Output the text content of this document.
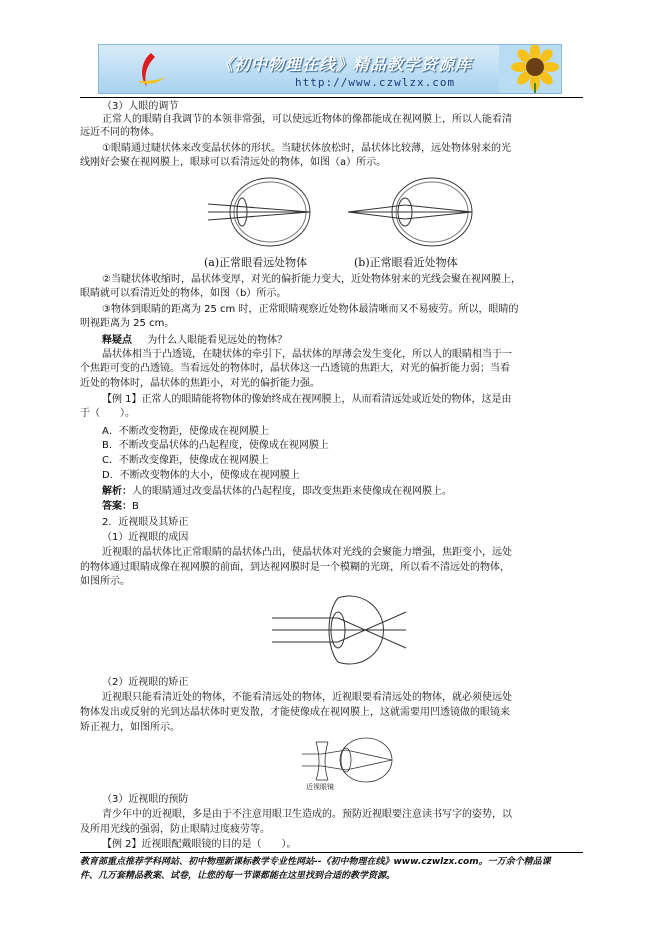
《初中物理在线》精品教学资源库
http://www.czwlzx.com
（3）人眼的调节
正常人的眼睛自我调节的本领非常强，可以使远近物体的像都能成在视网膜上，所以人能看清
远近不同的物体。
①眼睛通过睫状体来改变晶状体的形状。当睫状体放松时，晶状体比较薄，远处物体射来的光
线刚好会聚在视网膜上，眼球可以看清远处的物体，如图（a）所示。
(a)正常眼看远处物体	(b)正常眼看近处物体
②当睫状体收缩时，晶状体变厚，对光的偏折能力变大，近处物体射来的光线会聚在视网膜上，
眼睛就可以看清近处的物体，如图（b）所示。
③物体到眼睛的距离为 25 cm 时，正常眼睛观察近处物体最清晰而又不易疲劳。所以，眼睛的
明视距离为 25 cm。
释疑点 为什么人眼能看见远处的物体？
晶状体相当于凸透镜，在睫状体的牵引下，晶状体的厚薄会发生变化，所以人的眼睛相当于一
个焦距可变的凸透镜。当看远处的物体时，晶状体这一凸透镜的焦距大，对光的偏折能力弱；当看
近处的物体时，晶状体的焦距小，对光的偏折能力强。
【例 1】正常人的眼睛能将物体的像始终成在视网膜上，从而看清远处或近处的物体，这是由
于（　　）。
A．不断改变物距，使像成在视网膜上
B．不断改变晶状体的凸起程度，使像成在视网膜上
C．不断改变像距，使像成在视网膜上
D．不断改变物体的大小，使像成在视网膜上
解析：人的眼睛通过改变晶状体的凸起程度，即改变焦距来使像成在视网膜上。
答案：B
2．近视眼及其矫正
（1）近视眼的成因
近视眼的晶状体比正常眼睛的晶状体凸出，使晶状体对光线的会聚能力增强，焦距变小，远处
的物体通过眼睛成像在视网膜的前面，到达视网膜时是一个模糊的光斑，所以看不清远处的物体，
如图所示。
（2）近视眼的矫正
近视眼只能看清近处的物体，不能看清远处的物体，近视眼要看清远处的物体，就必须使远处
物体发出或反射的光到达晶状体时更发散，才能使像成在视网膜上，这就需要用凹透镜做的眼镜来
矫正视力，如图所示。
近视眼镜
（3）近视眼的预防
青少年中的近视眼，多是由于不注意用眼卫生造成的。预防近视眼要注意读书写字的姿势，以
及所用光线的强弱，防止眼睛过度疲劳等。
【例 2】近视眼配戴眼镜的目的是（　　）。
教育部重点推荐学科网站、初中物理新课标教学专业性网站--《初中物理在线》www.czwlzx.com。一万余个精品课
件、几万套精品教案、试卷，让您的每一节课都能在这里找到合适的教学资源。
